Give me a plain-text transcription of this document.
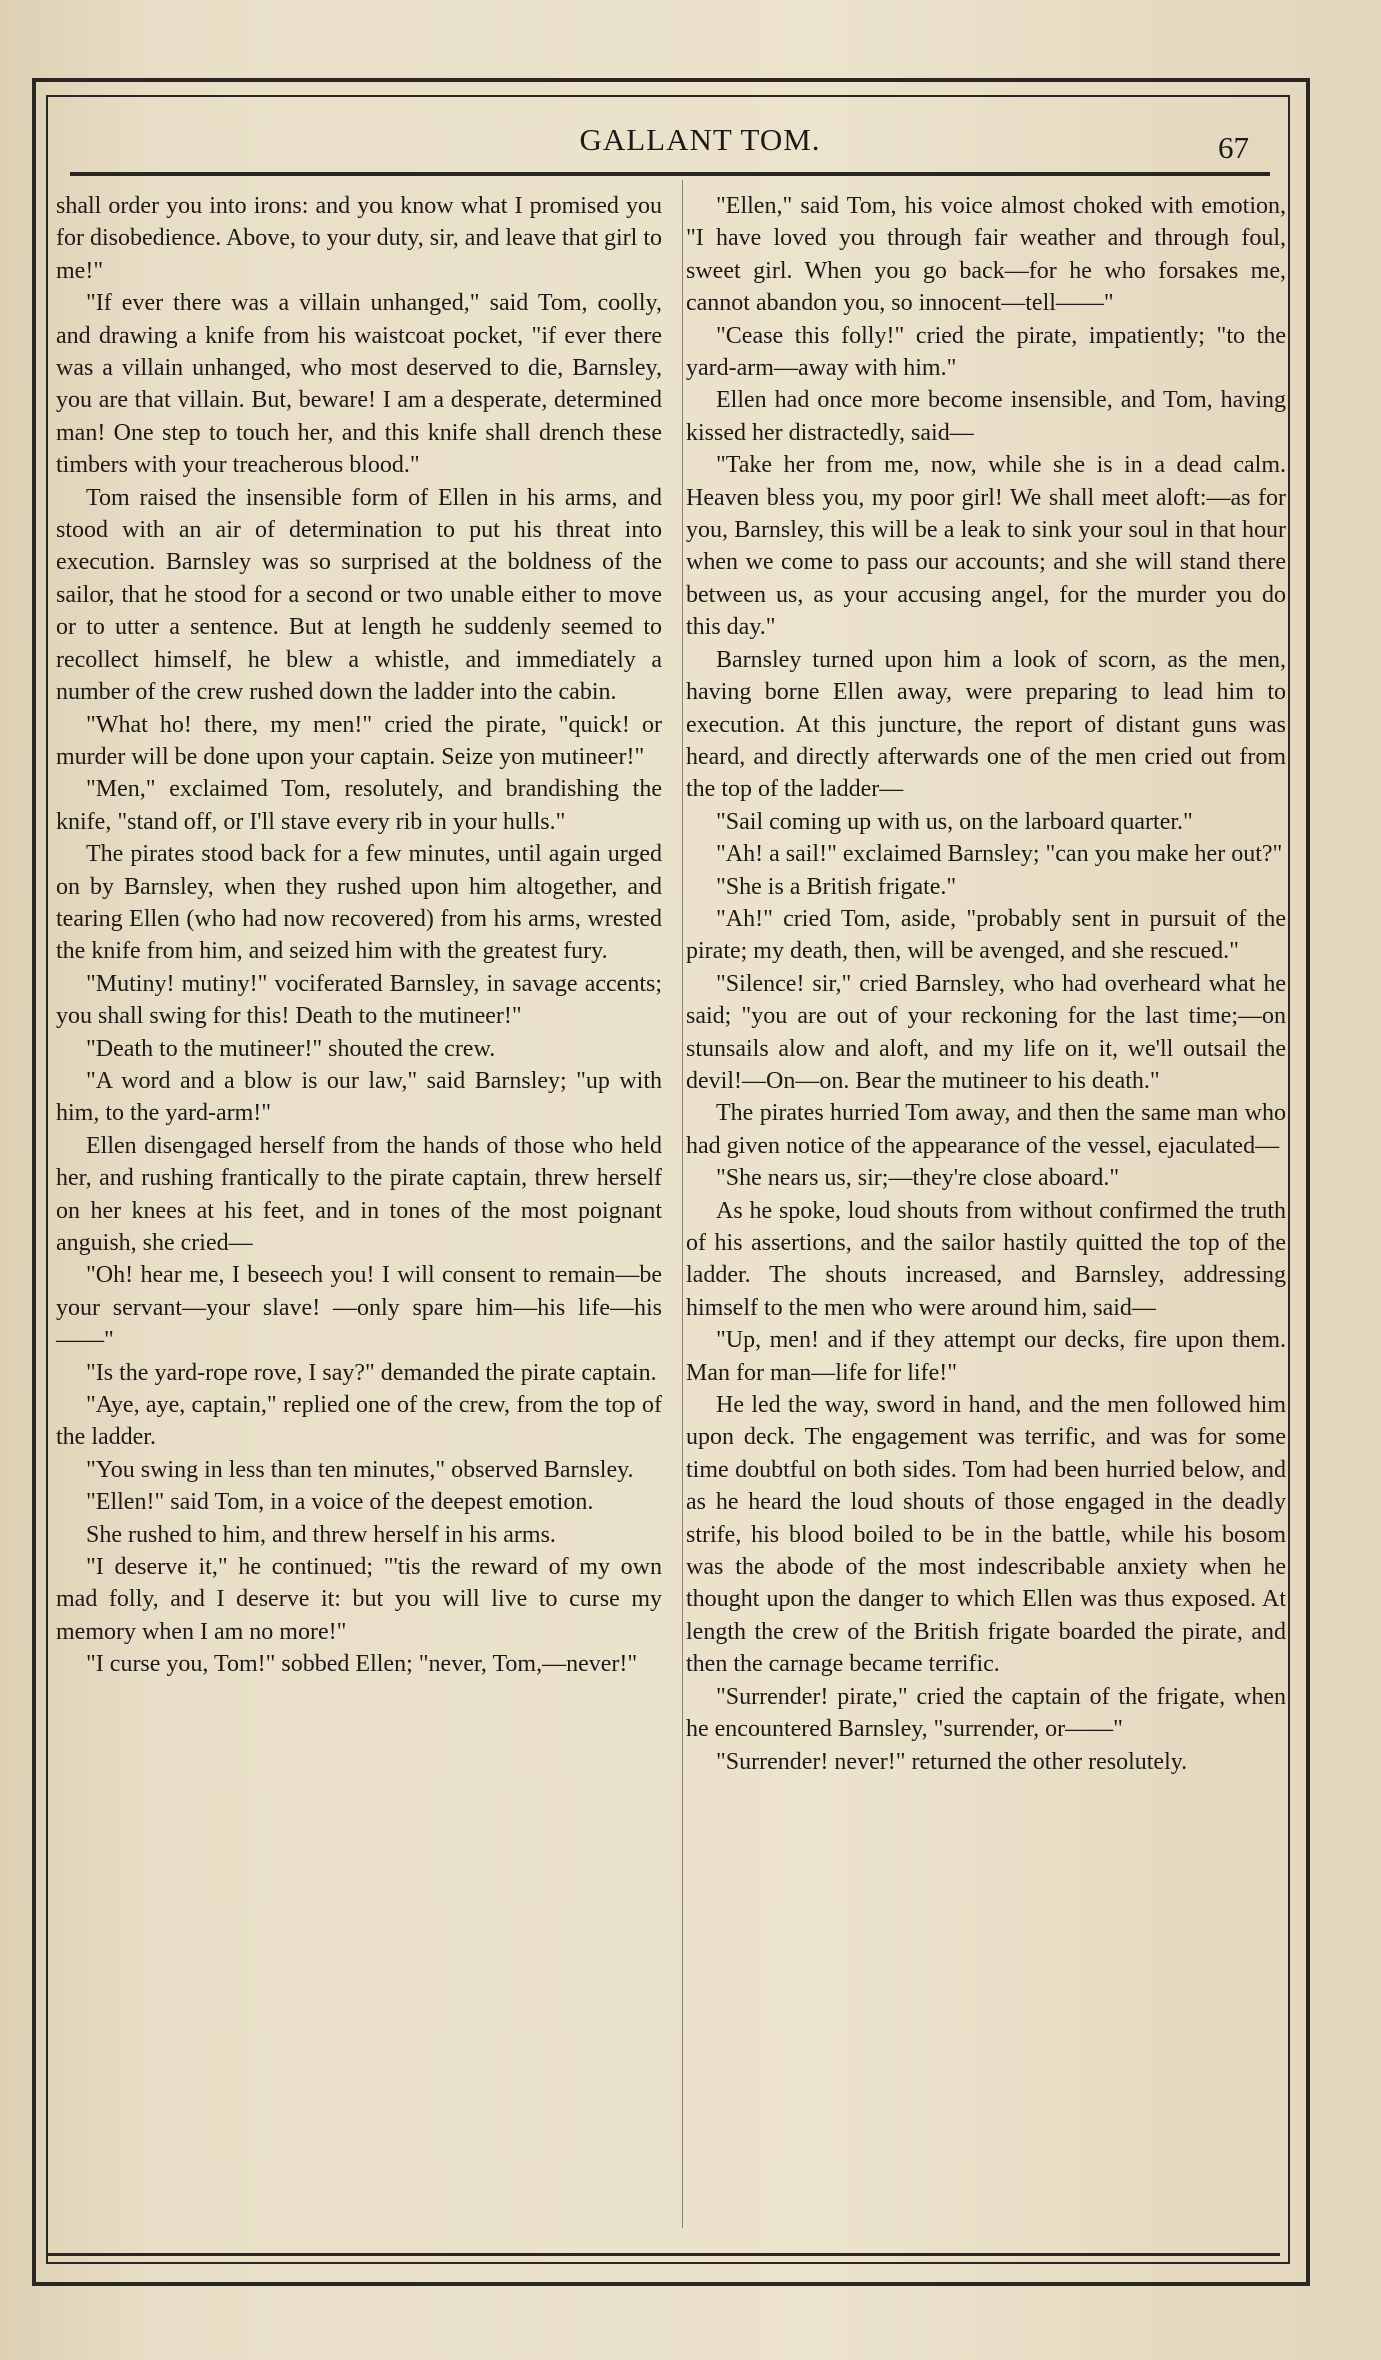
GALLANT TOM.	67

shall order you into irons: and you know what I promised you for disobedience. Above, to your duty, sir, and leave that girl to me!"

"If ever there was a villain unhanged," said Tom, coolly, and drawing a knife from his waistcoat pocket, "if ever there was a villain unhanged, who most deserved to die, Barnsley, you are that villain. But, beware! I am a desperate, determined man! One step to touch her, and this knife shall drench these timbers with your treacherous blood."

Tom raised the insensible form of Ellen in his arms, and stood with an air of determination to put his threat into execution. Barnsley was so surprised at the boldness of the sailor, that he stood for a second or two unable either to move or to utter a sentence. But at length he suddenly seemed to recollect himself, he blew a whistle, and immediately a number of the crew rushed down the ladder into the cabin.

"What ho! there, my men!" cried the pirate, "quick! or murder will be done upon your captain. Seize yon mutineer!"

"Men," exclaimed Tom, resolutely, and brandishing the knife, "stand off, or I'll stave every rib in your hulls."

The pirates stood back for a few minutes, until again urged on by Barnsley, when they rushed upon him altogether, and tearing Ellen (who had now recovered) from his arms, wrested the knife from him, and seized him with the greatest fury.

"Mutiny! mutiny!" vociferated Barnsley, in savage accents; you shall swing for this! Death to the mutineer!"

"Death to the mutineer!" shouted the crew.

"A word and a blow is our law," said Barnsley; "up with him, to the yard-arm!"

Ellen disengaged herself from the hands of those who held her, and rushing frantically to the pirate captain, threw herself on her knees at his feet, and in tones of the most poignant anguish, she cried—

"Oh! hear me, I beseech you! I will consent to remain—be your servant—your slave! —only spare him—his life—his——"

"Is the yard-rope rove, I say?" demanded the pirate captain.

"Aye, aye, captain," replied one of the crew, from the top of the ladder.

"You swing in less than ten minutes," observed Barnsley.

"Ellen!" said Tom, in a voice of the deepest emotion.

She rushed to him, and threw herself in his arms.

"I deserve it," he continued; "'tis the reward of my own mad folly, and I deserve it: but you will live to curse my memory when I am no more!"

"I curse you, Tom!" sobbed Ellen; "never, Tom,—never!"

"Ellen," said Tom, his voice almost choked with emotion, "I have loved you through fair weather and through foul, sweet girl. When you go back—for he who forsakes me, cannot abandon you, so innocent—tell——"

"Cease this folly!" cried the pirate, impatiently; "to the yard-arm—away with him."

Ellen had once more become insensible, and Tom, having kissed her distractedly, said—

"Take her from me, now, while she is in a dead calm. Heaven bless you, my poor girl! We shall meet aloft:—as for you, Barnsley, this will be a leak to sink your soul in that hour when we come to pass our accounts; and she will stand there between us, as your accusing angel, for the murder you do this day."

Barnsley turned upon him a look of scorn, as the men, having borne Ellen away, were preparing to lead him to execution. At this juncture, the report of distant guns was heard, and directly afterwards one of the men cried out from the top of the ladder—

"Sail coming up with us, on the larboard quarter."

"Ah! a sail!" exclaimed Barnsley; "can you make her out?"

"She is a British frigate."

"Ah!" cried Tom, aside, "probably sent in pursuit of the pirate; my death, then, will be avenged, and she rescued."

"Silence! sir," cried Barnsley, who had overheard what he said; "you are out of your reckoning for the last time;—on stunsails alow and aloft, and my life on it, we'll outsail the devil!—On—on. Bear the mutineer to his death."

The pirates hurried Tom away, and then the same man who had given notice of the appearance of the vessel, ejaculated—

"She nears us, sir;—they're close aboard."

As he spoke, loud shouts from without confirmed the truth of his assertions, and the sailor hastily quitted the top of the ladder. The shouts increased, and Barnsley, addressing himself to the men who were around him, said—

"Up, men! and if they attempt our decks, fire upon them. Man for man—life for life!"

He led the way, sword in hand, and the men followed him upon deck. The engagement was terrific, and was for some time doubtful on both sides. Tom had been hurried below, and as he heard the loud shouts of those engaged in the deadly strife, his blood boiled to be in the battle, while his bosom was the abode of the most indescribable anxiety when he thought upon the danger to which Ellen was thus exposed. At length the crew of the British frigate boarded the pirate, and then the carnage became terrific.

"Surrender! pirate," cried the captain of the frigate, when he encountered Barnsley, "surrender, or——"

"Surrender! never!" returned the other resolutely.
